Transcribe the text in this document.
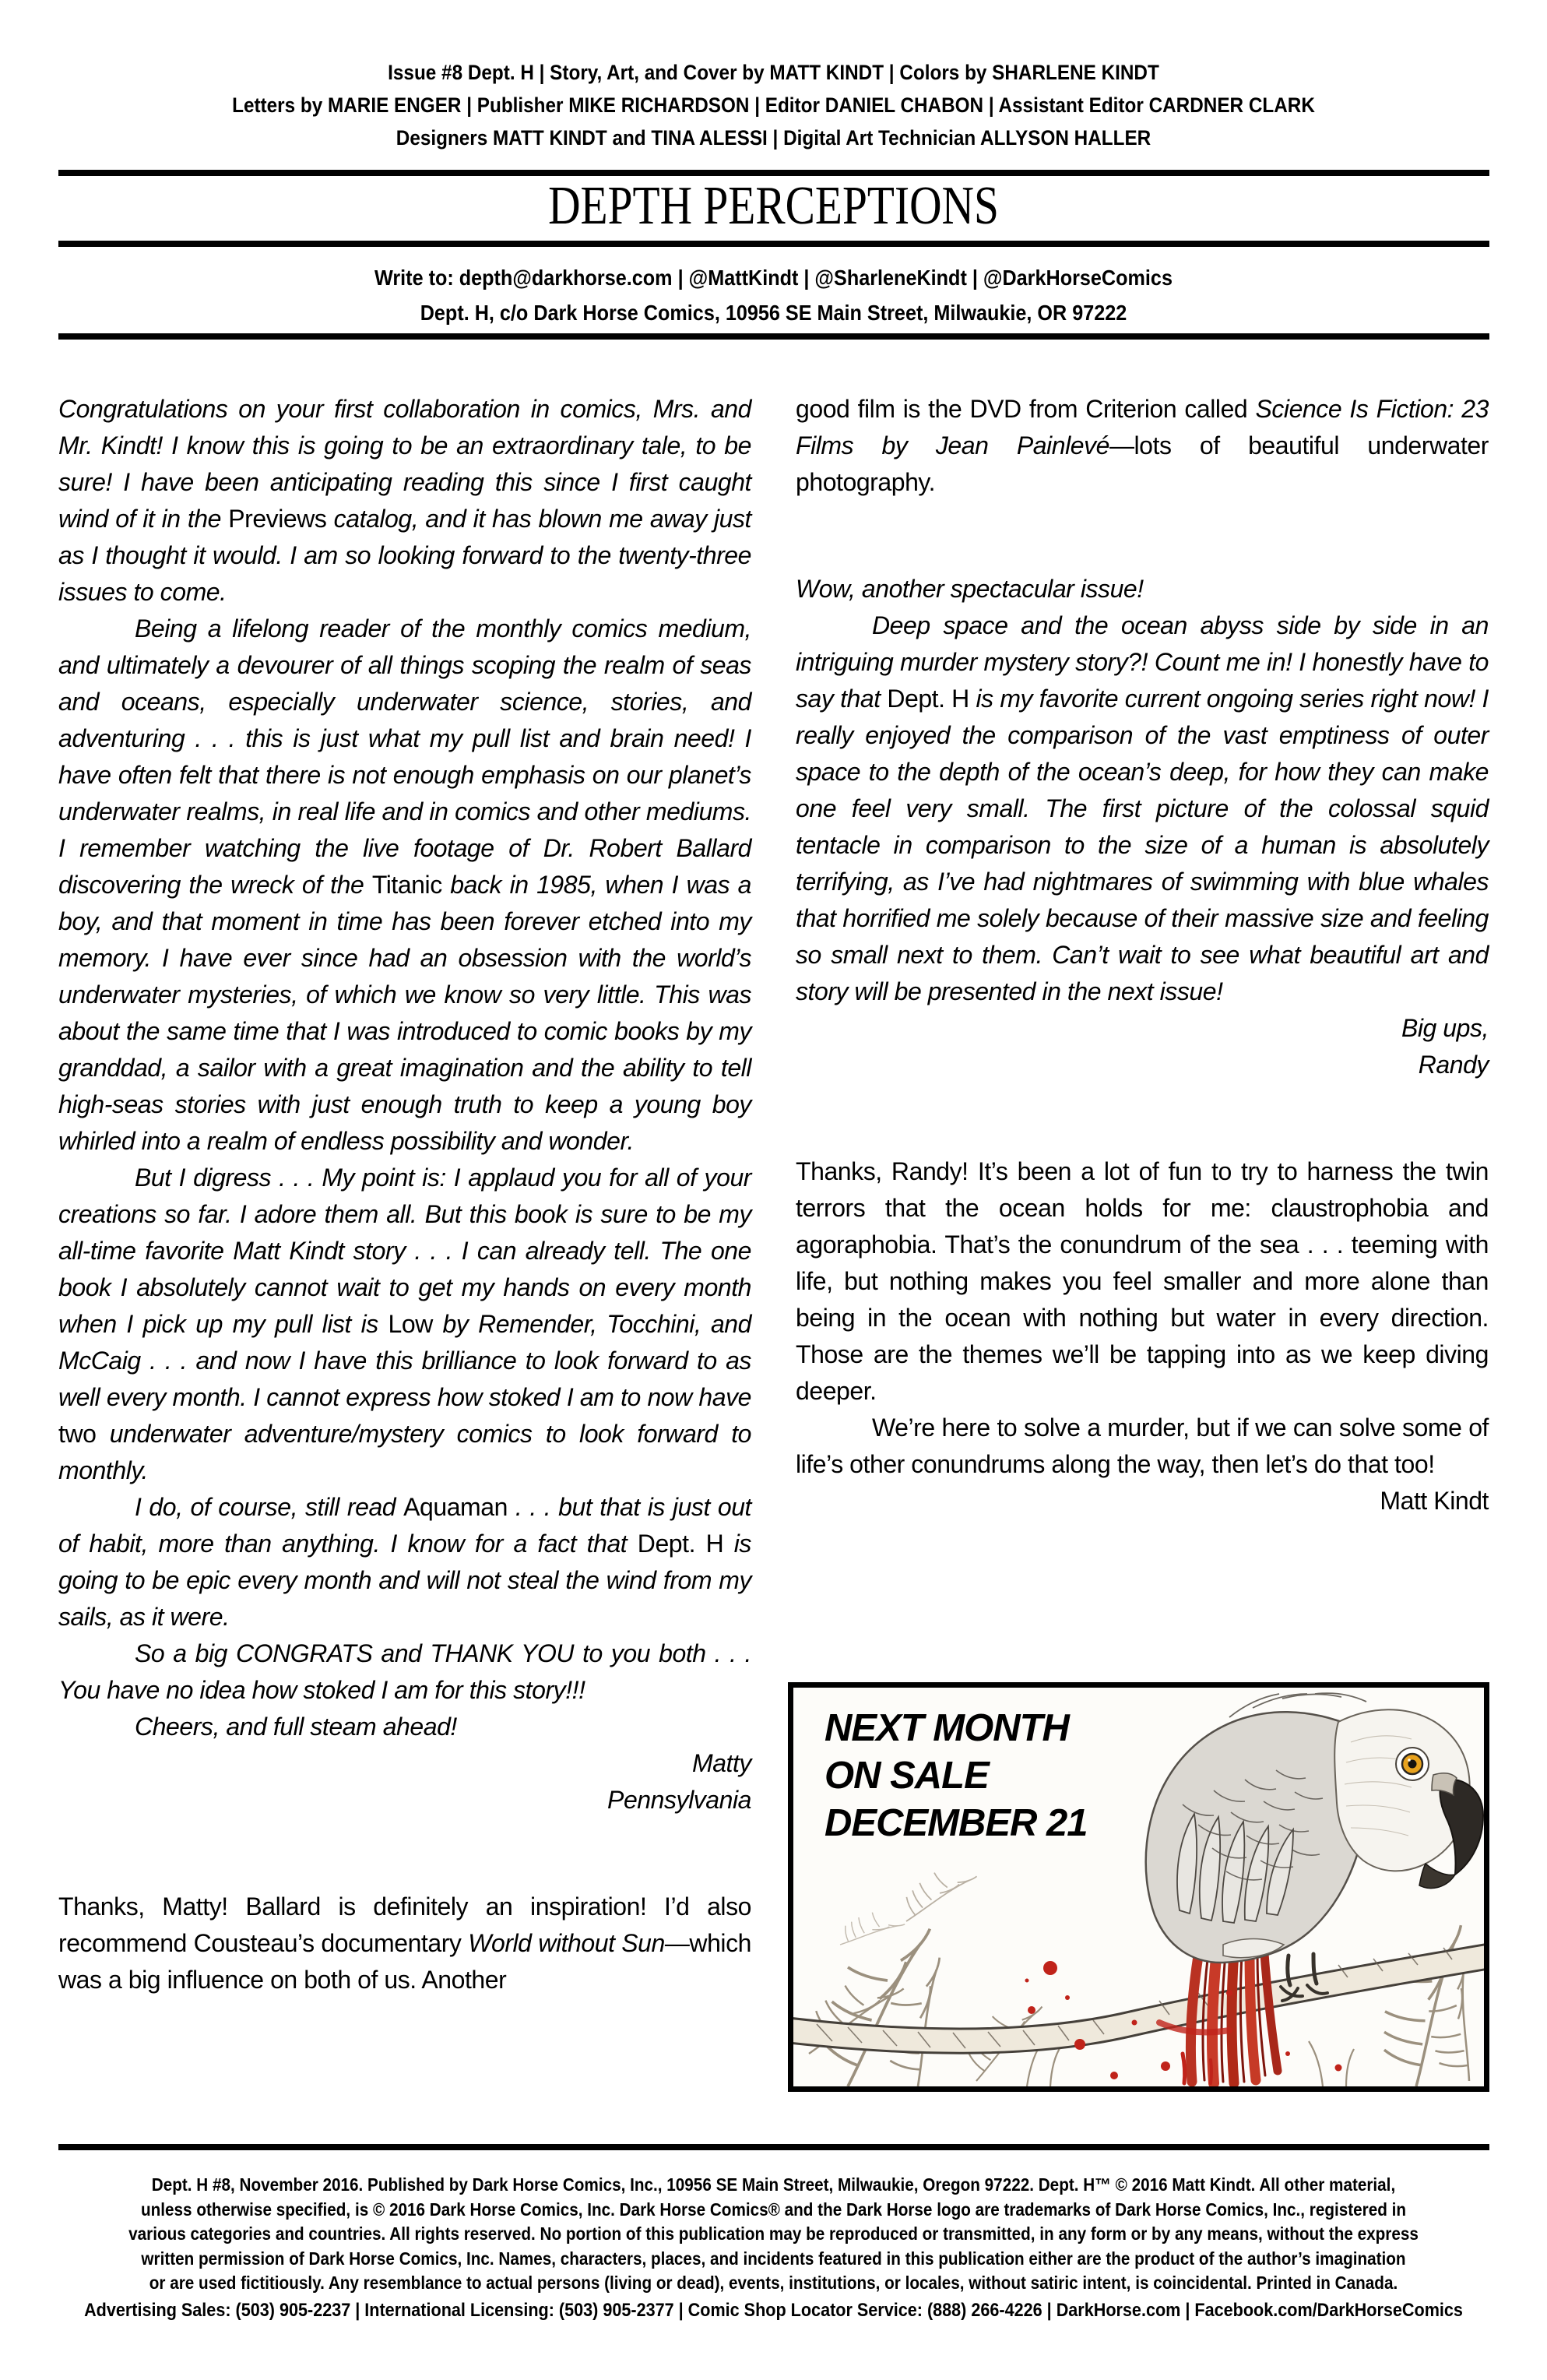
Issue #8 Dept. H | Story, Art, and Cover by MATT KINDT | Colors by SHARLENE KINDT
Letters by MARIE ENGER | Publisher MIKE RICHARDSON | Editor DANIEL CHABON | Assistant Editor CARDNER CLARK
Designers MATT KINDT and TINA ALESSI | Digital Art Technician ALLYSON HALLER
DEPTH PERCEPTIONS
Write to: depth@darkhorse.com | @MattKindt | @SharleneKindt | @DarkHorseComics
Dept. H, c/o Dark Horse Comics, 10956 SE Main Street, Milwaukie, OR 97222

Congratulations on your first collaboration in comics, Mrs. and Mr. Kindt! I know this is going to be an extraordinary tale, to be sure! I have been anticipating reading this since I first caught wind of it in the Previews catalog, and it has blown me away just as I thought it would. I am so looking forward to the twenty-three issues to come.

Being a lifelong reader of the monthly comics medium, and ultimately a devourer of all things scoping the realm of seas and oceans, especially underwater science, stories, and adventuring . . . this is just what my pull list and brain need! I have often felt that there is not enough emphasis on our planet’s underwater realms, in real life and in comics and other mediums. I remember watching the live footage of Dr. Robert Ballard discovering the wreck of the Titanic back in 1985, when I was a boy, and that moment in time has been forever etched into my memory. I have ever since had an obsession with the world’s underwater mysteries, of which we know so very little. This was about the same time that I was introduced to comic books by my granddad, a sailor with a great imagination and the ability to tell high-seas stories with just enough truth to keep a young boy whirled into a realm of endless possibility and wonder.

But I digress . . . My point is: I applaud you for all of your creations so far. I adore them all. But this book is sure to be my all-time favorite Matt Kindt story . . . I can already tell. The one book I absolutely cannot wait to get my hands on every month when I pick up my pull list is Low by Remender, Tocchini, and McCaig . . . and now I have this brilliance to look forward to as well every month. I cannot express how stoked I am to now have two underwater adventure/mystery comics to look forward to monthly.

I do, of course, still read Aquaman . . . but that is just out of habit, more than anything. I know for a fact that Dept. H is going to be epic every month and will not steal the wind from my sails, as it were.

So a big CONGRATS and THANK YOU to you both . . . You have no idea how stoked I am for this story!!!

Cheers, and full steam ahead!

Matty

Pennsylvania

Thanks, Matty! Ballard is definitely an inspiration! I’d also recommend Cousteau’s documentary World without Sun—which was a big influence on both of us. Another

good film is the DVD from Criterion called Science Is Fiction: 23 Films by Jean Painlevé—lots of beautiful underwater photography.

Wow, another spectacular issue!

Deep space and the ocean abyss side by side in an intriguing murder mystery story?! Count me in! I honestly have to say that Dept. H is my favorite current ongoing series right now! I really enjoyed the comparison of the vast emptiness of outer space to the depth of the ocean’s deep, for how they can make one feel very small. The first picture of the colossal squid tentacle in comparison to the size of a human is absolutely terrifying, as I’ve had nightmares of swimming with blue whales that horrified me solely because of their massive size and feeling so small next to them. Can’t wait to see what beautiful art and story will be presented in the next issue!

Big ups,

Randy

Thanks, Randy! It’s been a lot of fun to try to harness the twin terrors that the ocean holds for me: claustrophobia and agoraphobia. That’s the conundrum of the sea . . . teeming with life, but nothing makes you feel smaller and more alone than being in the ocean with nothing but water in every direction. Those are the themes we’ll be tapping into as we keep diving deeper.

We’re here to solve a murder, but if we can solve some of life’s other conundrums along the way, then let’s do that too!

Matt Kindt

NEXT MONTH
ON SALE
DECEMBER 21
Dept. H #8, November 2016. Published by Dark Horse Comics, Inc., 10956 SE Main Street, Milwaukie, Oregon 97222. Dept. H™ © 2016 Matt Kindt. All other material,
unless otherwise specified, is © 2016 Dark Horse Comics, Inc. Dark Horse Comics® and the Dark Horse logo are trademarks of Dark Horse Comics, Inc., registered in
various categories and countries. All rights reserved. No portion of this publication may be reproduced or transmitted, in any form or by any means, without the express
written permission of Dark Horse Comics, Inc. Names, characters, places, and incidents featured in this publication either are the product of the author’s imagination
or are used fictitiously. Any resemblance to actual persons (living or dead), events, institutions, or locales, without satiric intent, is coincidental. Printed in Canada.
Advertising Sales: (503) 905-2237 | International Licensing: (503) 905-2377 | Comic Shop Locator Service: (888) 266-4226 | DarkHorse.com | Facebook.com/DarkHorseComics
